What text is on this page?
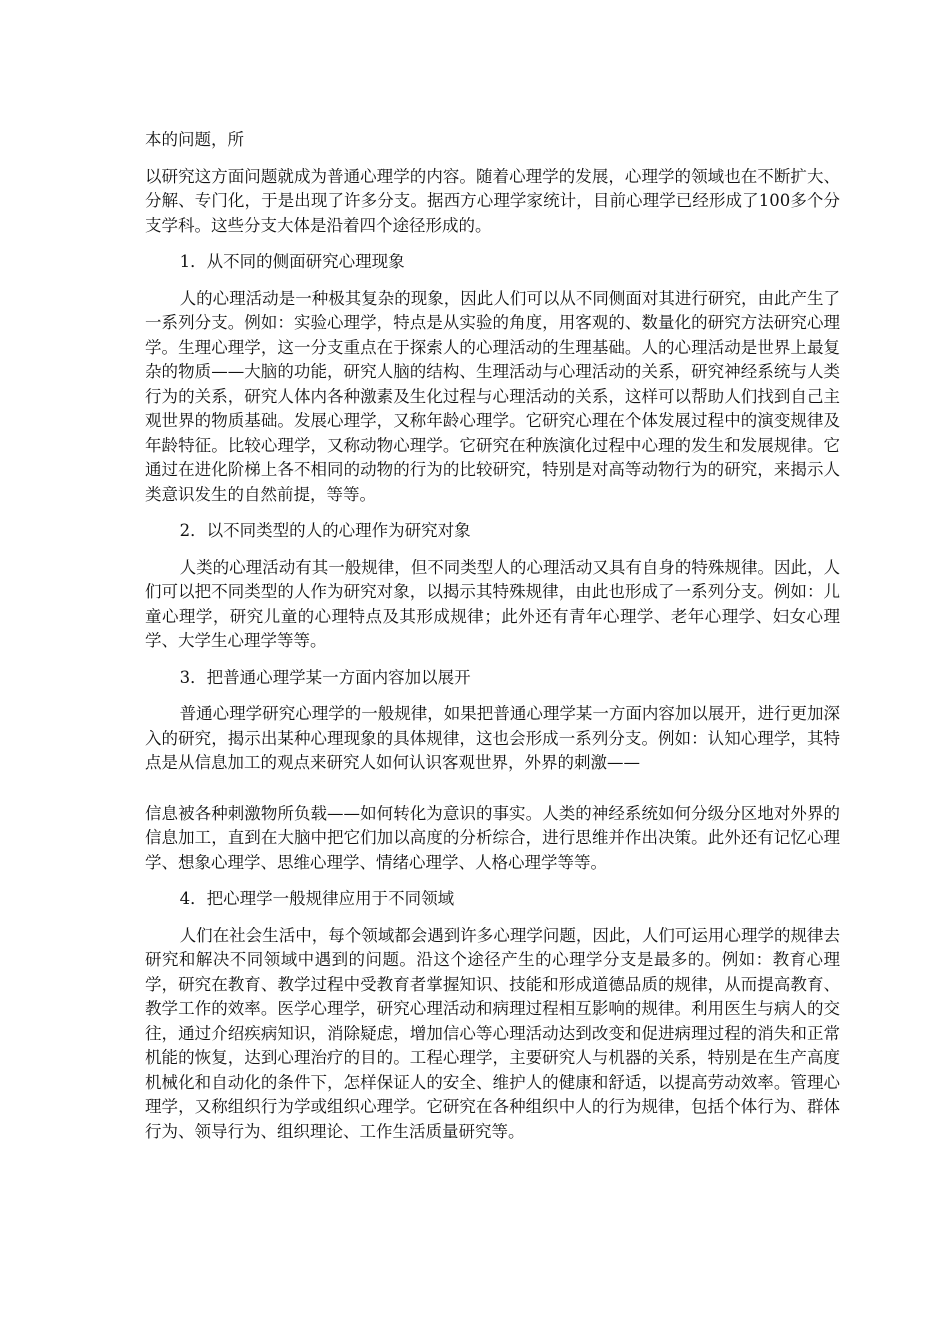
本的问题，所

以研究这方面问题就成为普通心理学的内容。随着心理学的发展，心理学的领域也在不断扩大、分解、专门化，于是出现了许多分支。据西方心理学家统计，目前心理学已经形成了100多个分支学科。这些分支大体是沿着四个途径形成的。

1．从不同的侧面研究心理现象

人的心理活动是一种极其复杂的现象，因此人们可以从不同侧面对其进行研究，由此产生了一系列分支。例如：实验心理学，特点是从实验的角度，用客观的、数量化的研究方法研究心理学。生理心理学，这一分支重点在于探索人的心理活动的生理基础。人的心理活动是世界上最复杂的物质——大脑的功能，研究人脑的结构、生理活动与心理活动的关系，研究神经系统与人类行为的关系，研究人体内各种激素及生化过程与心理活动的关系，这样可以帮助人们找到自己主观世界的物质基础。发展心理学，又称年龄心理学。它研究心理在个体发展过程中的演变规律及年龄特征。比较心理学，又称动物心理学。它研究在种族演化过程中心理的发生和发展规律。它通过在进化阶梯上各不相同的动物的行为的比较研究，特别是对高等动物行为的研究，来揭示人类意识发生的自然前提，等等。

2．以不同类型的人的心理作为研究对象

人类的心理活动有其一般规律，但不同类型人的心理活动又具有自身的特殊规律。因此，人们可以把不同类型的人作为研究对象，以揭示其特殊规律，由此也形成了一系列分支。例如：儿童心理学，研究儿童的心理特点及其形成规律；此外还有青年心理学、老年心理学、妇女心理学、大学生心理学等等。

3．把普通心理学某一方面内容加以展开

普通心理学研究心理学的一般规律，如果把普通心理学某一方面内容加以展开，进行更加深入的研究，揭示出某种心理现象的具体规律，这也会形成一系列分支。例如：认知心理学，其特点是从信息加工的观点来研究人如何认识客观世界，外界的刺激——

信息被各种刺激物所负载——如何转化为意识的事实。人类的神经系统如何分级分区地对外界的信息加工，直到在大脑中把它们加以高度的分析综合，进行思维并作出决策。此外还有记忆心理学、想象心理学、思维心理学、情绪心理学、人格心理学等等。

4．把心理学一般规律应用于不同领域

人们在社会生活中，每个领域都会遇到许多心理学问题，因此，人们可运用心理学的规律去研究和解决不同领域中遇到的问题。沿这个途径产生的心理学分支是最多的。例如：教育心理学，研究在教育、教学过程中受教育者掌握知识、技能和形成道德品质的规律，从而提高教育、教学工作的效率。医学心理学，研究心理活动和病理过程相互影响的规律。利用医生与病人的交往，通过介绍疾病知识，消除疑虑，增加信心等心理活动达到改变和促进病理过程的消失和正常机能的恢复，达到心理治疗的目的。工程心理学，主要研究人与机器的关系，特别是在生产高度机械化和自动化的条件下，怎样保证人的安全、维护人的健康和舒适，以提高劳动效率。管理心理学，又称组织行为学或组织心理学。它研究在各种组织中人的行为规律，包括个体行为、群体行为、领导行为、组织理论、工作生活质量研究等。
